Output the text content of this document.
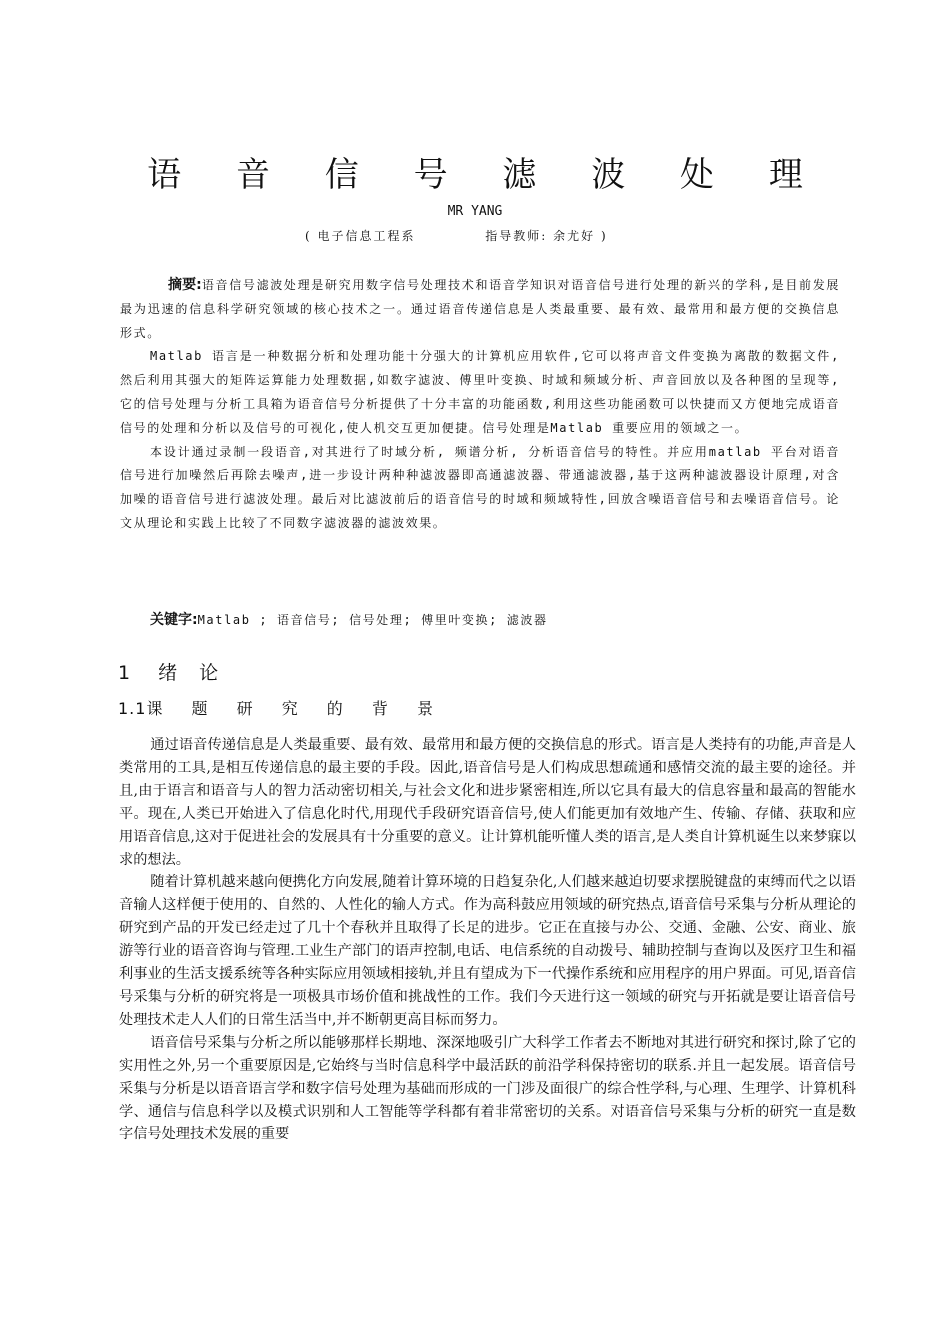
语 音 信 号 滤 波 处 理
MR YANG
( 电子信息工程系            指导教师: 余尤好 )

摘要:语音信号滤波处理是研究用数字信号处理技术和语音学知识对语音信号进行处理的新兴的学科,是目前发展最为迅速的信息科学研究领域的核心技术之一。通过语音传递信息是人类最重要、最有效、最常用和最方便的交换信息形式。

Matlab 语言是一种数据分析和处理功能十分强大的计算机应用软件,它可以将声音文件变换为离散的数据文件,然后利用其强大的矩阵运算能力处理数据,如数字滤波、傅里叶变换、时域和频域分析、声音回放以及各种图的呈现等,它的信号处理与分析工具箱为语音信号分析提供了十分丰富的功能函数,利用这些功能函数可以快捷而又方便地完成语音信号的处理和分析以及信号的可视化,使人机交互更加便捷。信号处理是Matlab 重要应用的领域之一。

本设计通过录制一段语音,对其进行了时域分析, 频谱分析, 分析语音信号的特性。并应用matlab 平台对语音信号进行加噪然后再除去噪声,进一步设计两种种滤波器即高通滤波器、带通滤波器,基于这两种滤波器设计原理,对含加噪的语音信号进行滤波处理。最后对比滤波前后的语音信号的时域和频域特性,回放含噪语音信号和去噪语音信号。论文从理论和实践上比较了不同数字滤波器的滤波效果。

关键字:Matlab ; 语音信号; 信号处理; 傅里叶变换; 滤波器
1 绪 论
1.1课 题 研 究 的 背 景

通过语音传递信息是人类最重要、最有效、最常用和最方便的交换信息的形式。语言是人类持有的功能,声音是人类常用的工具,是相互传递信息的最主要的手段。因此,语音信号是人们构成思想疏通和感情交流的最主要的途径。并且,由于语言和语音与人的智力活动密切相关,与社会文化和进步紧密相连,所以它具有最大的信息容量和最高的智能水平。现在,人类已开始进入了信息化时代,用现代手段研究语音信号,使人们能更加有效地产生、传输、存储、获取和应用语音信息,这对于促进社会的发展具有十分重要的意义。让计算机能听懂人类的语言,是人类自计算机诞生以来梦寐以求的想法。

随着计算机越来越向便携化方向发展,随着计算环境的日趋复杂化,人们越来越迫切要求摆脱键盘的束缚而代之以语音输人这样便于使用的、自然的、人性化的输人方式。作为高科鼓应用领域的研究热点,语音信号采集与分析从理论的研究到产品的开发已经走过了几十个春秋并且取得了长足的进步。它正在直接与办公、交通、金融、公安、商业、旅游等行业的语音咨询与管理.工业生产部门的语声控制,电话、电信系统的自动拨号、辅助控制与查询以及医疗卫生和福利事业的生活支援系统等各种实际应用领域相接轨,并且有望成为下一代操作系统和应用程序的用户界面。可见,语音信号采集与分析的研究将是一项极具市场价值和挑战性的工作。我们今天进行这一领域的研究与开拓就是要让语音信号处理技术走人人们的日常生活当中,并不断朝更高目标而努力。

语音信号采集与分析之所以能够那样长期地、深深地吸引广大科学工作者去不断地对其进行研究和探讨,除了它的实用性之外,另一个重要原因是,它始终与当时信息科学中最活跃的前沿学科保持密切的联系.并且一起发展。语音信号采集与分析是以语音语言学和数字信号处理为基础而形成的一门涉及面很广的综合性学科,与心理、生理学、计算机科学、通信与信息科学以及模式识别和人工智能等学科都有着非常密切的关系。对语音信号采集与分析的研究一直是数字信号处理技术发展的重要
